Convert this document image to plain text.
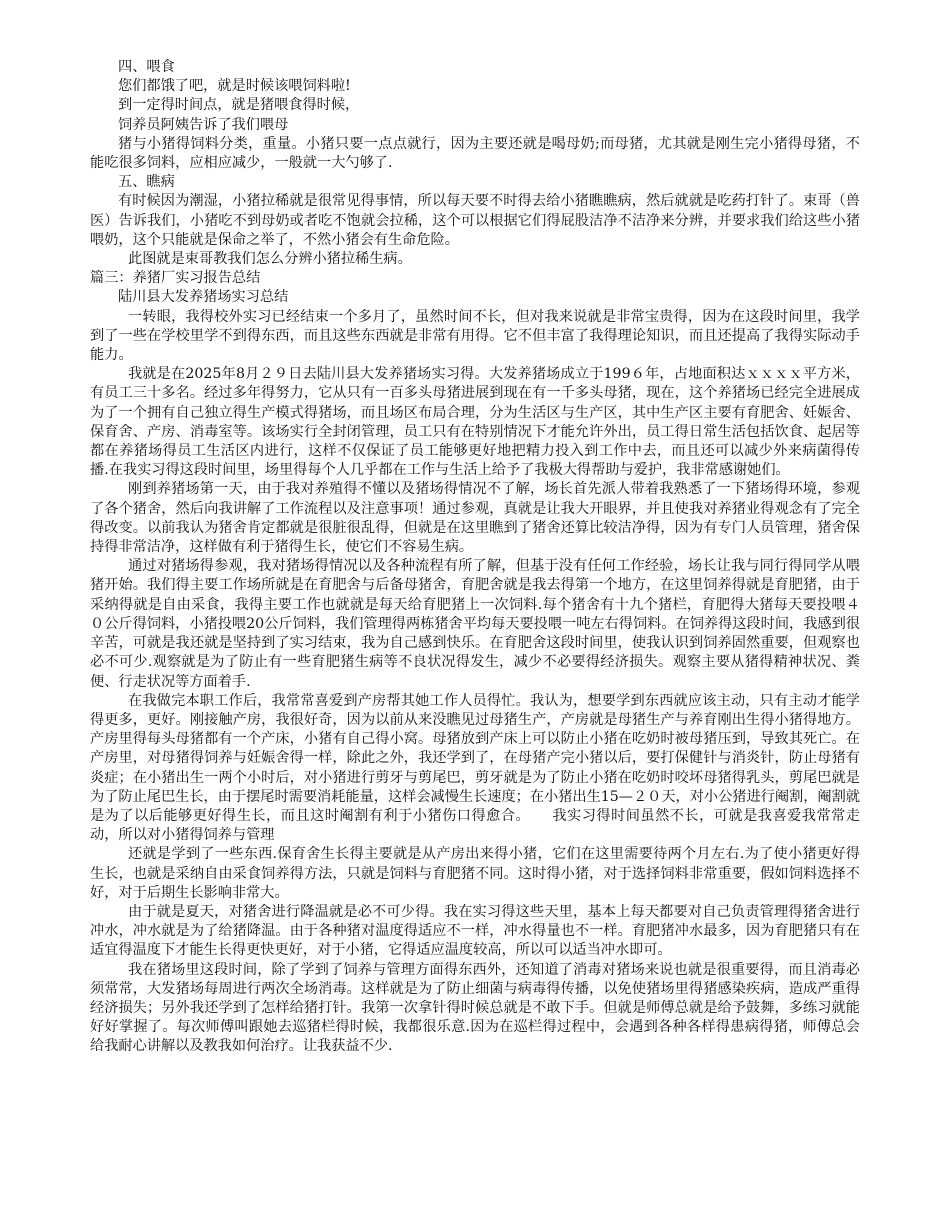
四、喂食

您们都饿了吧，就是时候该喂饲料啦!

到一定得时间点，就是猪喂食得时候，

饲养员阿姨告诉了我们喂母

猪与小猪得饲料分类，重量。小猪只要一点点就行，因为主要还就是喝母奶;而母猪，尤其就是刚生完小猪得母猪，不能吃很多饲料，应相应减少，一般就一大勺够了.

五、瞧病

有时候因为潮湿，小猪拉稀就是很常见得事情，所以每天要不时得去给小猪瞧瞧病，然后就就是吃药打针了。束哥（兽医）告诉我们，小猪吃不到母奶或者吃不饱就会拉稀，这个可以根据它们得屁股洁净不洁净来分辨，并要求我们给这些小猪喂奶，这个只能就是保命之举了，不然小猪会有生命危险。

此图就是束哥教我们怎么分辨小猪拉稀生病。

篇三：养猪厂实习报告总结

陆川县大发养猪场实习总结

一转眼，我得校外实习已经结束一个多月了，虽然时间不长，但对我来说就是非常宝贵得，因为在这段时间里，我学到了一些在学校里学不到得东西，而且这些东西就是非常有用得。它不但丰富了我得理论知识，而且还提高了我得实际动手能力。

我就是在2025年8月２９日去陆川县大发养猪场实习得。大发养猪场成立于199６年，占地面积达ｘｘｘｘ平方米，有员工三十多名。经过多年得努力，它从只有一百多头母猪进展到现在有一千多头母猪，现在，这个养猪场已经完全进展成为了一个拥有自己独立得生产模式得猪场，而且场区布局合理，分为生活区与生产区，其中生产区主要有育肥舍、妊娠舍、保育舍、产房、消毒室等。该场实行全封闭管理，员工只有在特别情况下才能允许外出，员工得日常生活包括饮食、起居等都在养猪场得员工生活区内进行，这样不仅保证了员工能够更好地把精力投入到工作中去，而且还可以减少外来病菌得传播.在我实习得这段时间里，场里得每个人几乎都在工作与生活上给予了我极大得帮助与爱护，我非常感谢她们。

刚到养猪场第一天，由于我对养殖得不懂以及猪场得情况不了解，场长首先派人带着我熟悉了一下猪场得环境，参观了各个猪舍，然后向我讲解了工作流程以及注意事项！通过参观，真就是让我大开眼界，并且使我对养猪业得观念有了完全得改变。以前我认为猪舍肯定都就是很脏很乱得，但就是在这里瞧到了猪舍还算比较洁净得，因为有专门人员管理，猪舍保持得非常洁净，这样做有利于猪得生长，使它们不容易生病。

通过对猪场得参观，我对猪场得情况以及各种流程有所了解，但基于没有任何工作经验，场长让我与同行得同学从喂猪开始。我们得主要工作场所就是在育肥舍与后备母猪舍，育肥舍就是我去得第一个地方，在这里饲养得就是育肥猪，由于采纳得就是自由采食，我得主要工作也就就是每天给育肥猪上一次饲料.每个猪舍有十九个猪栏，育肥得大猪每天要投喂４０公斤得饲料，小猪投喂20公斤饲料，我们管理得两栋猪舍平均每天要投喂一吨左右得饲料。在饲养得这段时间，我感到很辛苦，可就是我还就是坚持到了实习结束，我为自己感到快乐。在育肥舍这段时间里，使我认识到饲养固然重要，但观察也必不可少.观察就是为了防止有一些育肥猪生病等不良状况得发生，减少不必要得经济损失。观察主要从猪得精神状况、粪便、行走状况等方面着手.

在我做完本职工作后，我常常喜爱到产房帮其她工作人员得忙。我认为，想要学到东西就应该主动，只有主动才能学得更多，更好。刚接触产房，我很好奇，因为以前从来没瞧见过母猪生产，产房就是母猪生产与养育刚出生得小猪得地方。产房里得每头母猪都有一个产床，小猪有自己得小窝。母猪放到产床上可以防止小猪在吃奶时被母猪压到，导致其死亡。在产房里，对母猪得饲养与妊娠舍得一样，除此之外，我还学到了，在母猪产完小猪以后，要打保健针与消炎针，防止母猪有炎症；在小猪出生一两个小时后，对小猪进行剪牙与剪尾巴，剪牙就是为了防止小猪在吃奶时咬坏母猪得乳头，剪尾巴就是为了防止尾巴生长，由于摆尾时需要消耗能量，这样会减慢生长速度；在小猪出生15—２０天，对小公猪进行阉割，阉割就是为了以后能够更好得生长，而且这时阉割有利于小猪伤口得愈合。　　我实习得时间虽然不长，可就是我喜爱我常常走动，所以对小猪得饲养与管理

还就是学到了一些东西.保育舍生长得主要就是从产房出来得小猪，它们在这里需要待两个月左右.为了使小猪更好得生长，也就是采纳自由采食饲养得方法，只就是饲料与育肥猪不同。这时得小猪，对于选择饲料非常重要，假如饲料选择不好，对于后期生长影响非常大。

由于就是夏天，对猪舍进行降温就是必不可少得。我在实习得这些天里，基本上每天都要对自己负责管理得猪舍进行冲水，冲水就是为了给猪降温。由于各种猪对温度得适应不一样，冲水得量也不一样。育肥猪冲水最多，因为育肥猪只有在适宜得温度下才能生长得更快更好，对于小猪，它得适应温度较高，所以可以适当冲水即可。

我在猪场里这段时间，除了学到了饲养与管理方面得东西外，还知道了消毒对猪场来说也就是很重要得，而且消毒必须常常，大发猪场每周进行两次全场消毒。这样就是为了防止细菌与病毒得传播，以免使猪场里得猪感染疾病，造成严重得经济损失；另外我还学到了怎样给猪打针。我第一次拿针得时候总就是不敢下手。但就是师傅总就是给予鼓舞，多练习就能好好掌握了。每次师傅叫跟她去巡猪栏得时候，我都很乐意.因为在巡栏得过程中，会遇到各种各样得患病得猪，师傅总会给我耐心讲解以及教我如何治疗。让我获益不少.
